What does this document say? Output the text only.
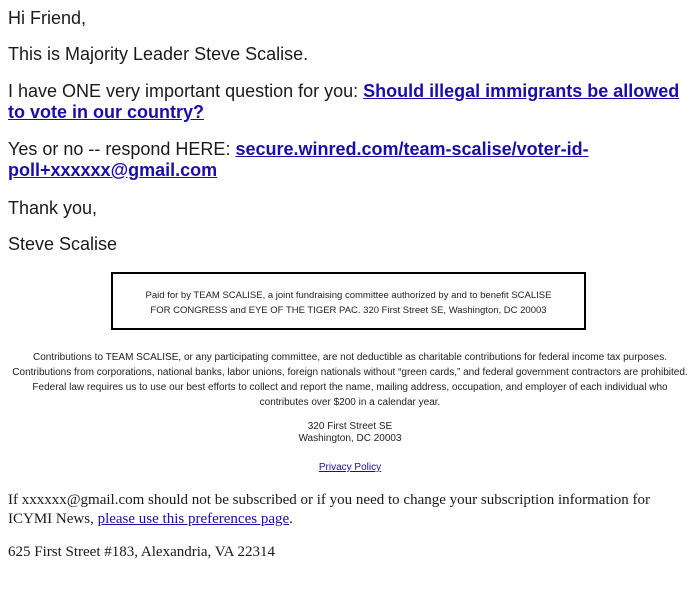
Hi Friend,

This is Majority Leader Steve Scalise.

I have ONE very important question for you: Should illegal immigrants be allowed to vote in our country?

Yes or no -- respond HERE: secure.winred.com/team-scalise/voter-id-poll+xxxxxx@gmail.com

Thank you,

Steve Scalise

Paid for by TEAM SCALISE, a joint fundraising committee authorized by and to benefit SCALISE
FOR CONGRESS and EYE OF THE TIGER PAC. 320 First Street SE, Washington, DC 20003

Contributions to TEAM SCALISE, or any participating committee, are not deductible as charitable contributions for federal income tax purposes. Contributions from corporations, national banks, labor unions, foreign nationals without “green cards,” and federal government contractors are prohibited. Federal law requires us to use our best efforts to collect and report the name, mailing address, occupation, and employer of each individual who contributes over $200 in a calendar year.

320 First Street SE
Washington, DC 20003
Privacy Policy

If xxxxxx@gmail.com should not be subscribed or if you need to change your subscription information for ICYMI News, please use this preferences page.

625 First Street #183, Alexandria, VA 22314
